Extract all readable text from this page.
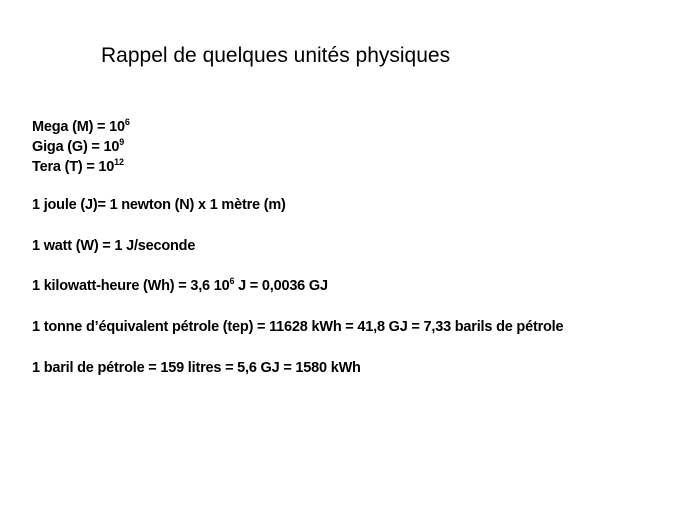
Rappel de quelques unités physiques
Mega $(M) = 10^6$
Giga $(G) = 10^9$
Tera $(T) = 10^{12}$
1 joule (J)= 1 newton (N) x 1 mètre (m)
1 watt (W) = 1 J/seconde
1 kilowatt-heure (Wh) = 3,6 $10^6$ J = 0,0036 GJ
1 tonne d’équivalent pétrole (tep) = 11628 kWh = 41,8 GJ = 7,33 barils de pétrole
1 baril de pétrole = 159 litres = 5,6 GJ = 1580 kWh
